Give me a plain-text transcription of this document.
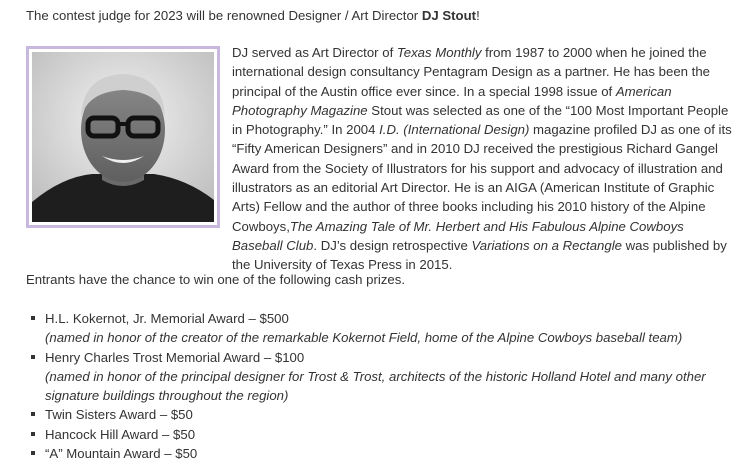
The contest judge for 2023 will be renowned Designer / Art Director DJ Stout!

DJ served as Art Director of Texas Monthly from 1987 to 2000 when he joined the international design consultancy Pentagram Design as a partner. He has been the principal of the Austin office ever since. In a special 1998 issue of American Photography Magazine Stout was selected as one of the “100 Most Important People in Photography.” In 2004 I.D. (International Design) magazine profiled DJ as one of its “Fifty American Designers” and in 2010 DJ received the prestigious Richard Gangel Award from the Society of Illustrators for his support and advocacy of illustration and illustrators as an editorial Art Director. He is an AIGA (American Institute of Graphic Arts) Fellow and the author of three books including his 2010 history of the Alpine Cowboys,The Amazing Tale of Mr. Herbert and His Fabulous Alpine Cowboys Baseball Club. DJ’s design retrospective Variations on a Rectangle was published by the University of Texas Press in 2015.

Entrants have the chance to win one of the following cash prizes.
H.L. Kokernot, Jr. Memorial Award – $500
(named in honor of the creator of the remarkable Kokernot Field, home of the Alpine Cowboys baseball team)
Henry Charles Trost Memorial Award – $100
(named in honor of the principal designer for Trost & Trost, architects of the historic Holland Hotel and many other signature buildings throughout the region)
Twin Sisters Award – $50
Hancock Hill Award – $50
“A” Mountain Award – $50
